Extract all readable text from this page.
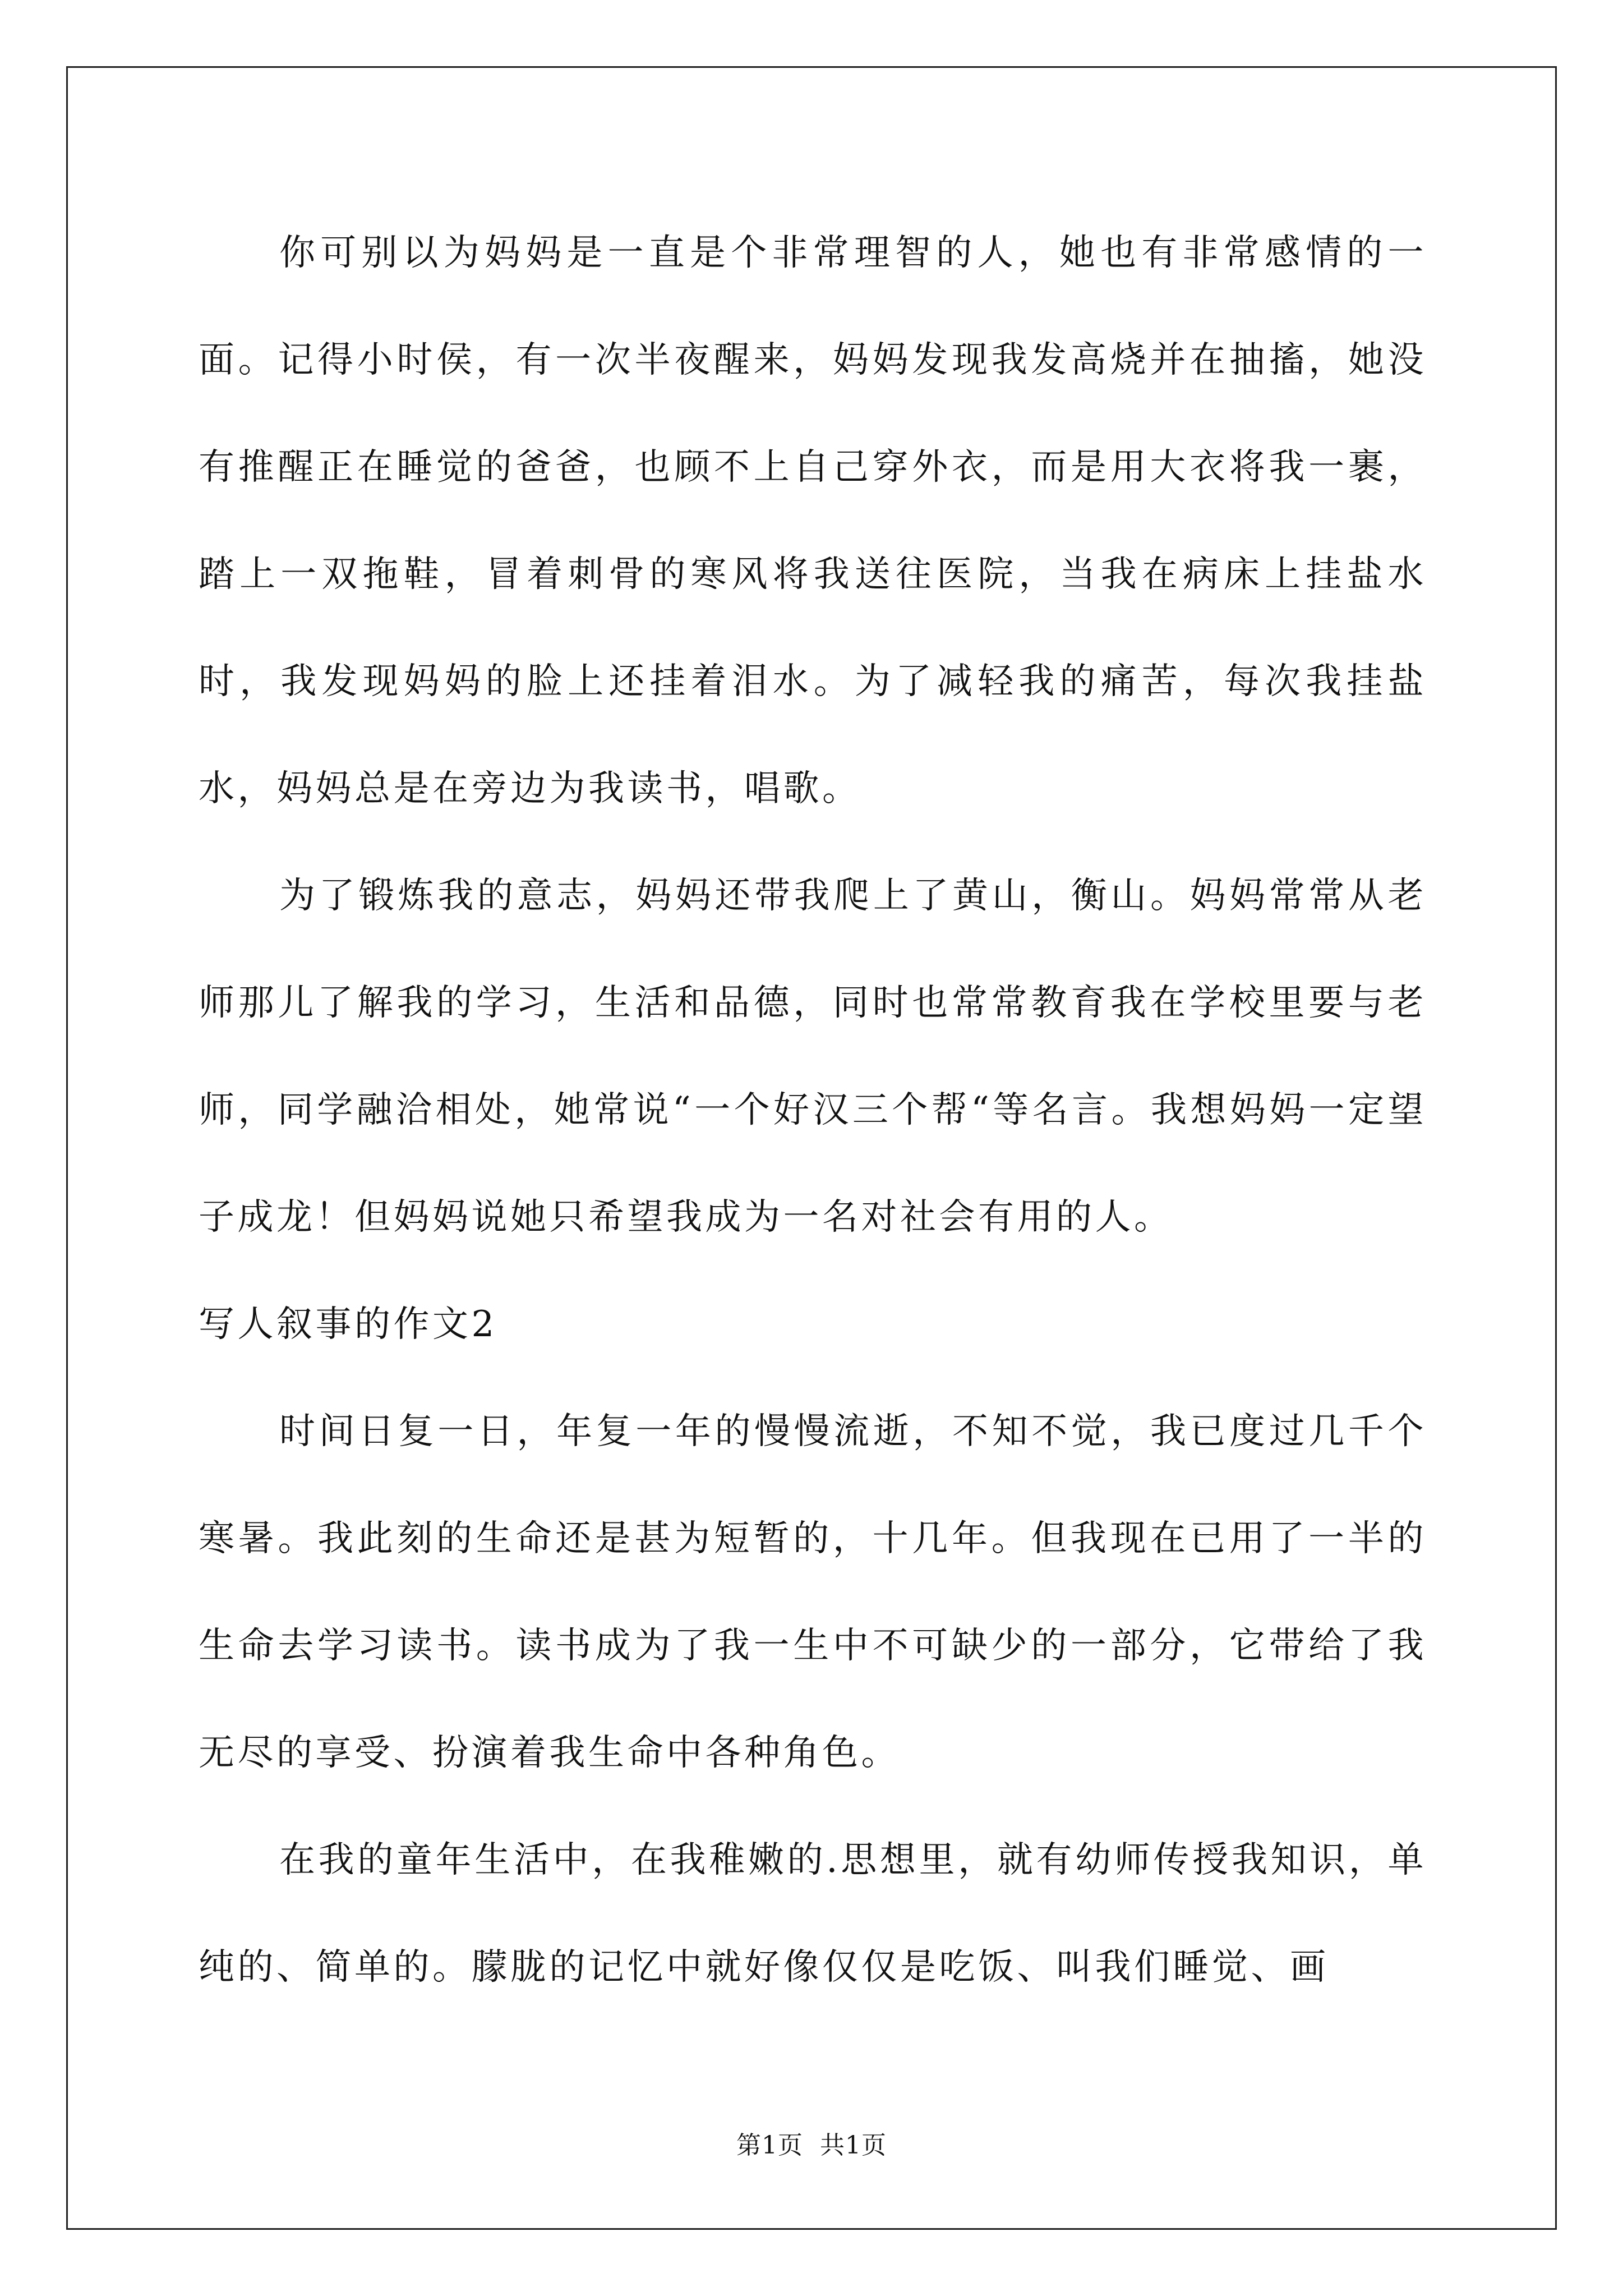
你可别以为妈妈是一直是个非常理智的人，她也有非常感情的一面。记得小时侯，有一次半夜醒来，妈妈发现我发高烧并在抽搐，她没有推醒正在睡觉的爸爸，也顾不上自己穿外衣，而是用大衣将我一裹，踏上一双拖鞋，冒着刺骨的寒风将我送往医院，当我在病床上挂盐水时，我发现妈妈的脸上还挂着泪水。为了减轻我的痛苦，每次我挂盐水，妈妈总是在旁边为我读书，唱歌。

为了锻炼我的意志，妈妈还带我爬上了黄山，衡山。妈妈常常从老师那儿了解我的学习，生活和品德，同时也常常教育我在学校里要与老师，同学融洽相处，她常说“一个好汉三个帮“等名言。我想妈妈一定望子成龙！但妈妈说她只希望我成为一名对社会有用的人。

写人叙事的作文2

时间日复一日，年复一年的慢慢流逝，不知不觉，我已度过几千个寒暑。我此刻的生命还是甚为短暂的，十几年。但我现在已用了一半的生命去学习读书。读书成为了我一生中不可缺少的一部分，它带给了我无尽的享受、扮演着我生命中各种角色。

在我的童年生活中，在我稚嫩的.思想里，就有幼师传授我知识，单纯的、简单的。朦胧的记忆中就好像仅仅是吃饭、叫我们睡觉、画

第1页  共1页
